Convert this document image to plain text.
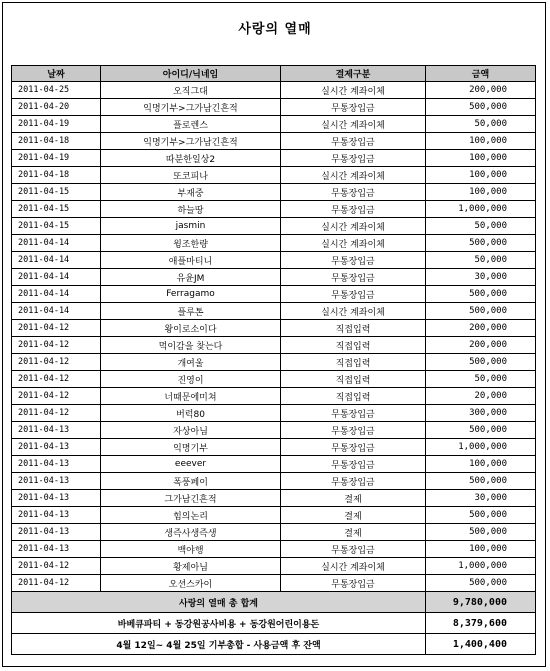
사랑의 열매
날짜	아이디/닉네임	결제구분	금액
2011-04-25	오직그대	실시간 계좌이체	200,000
2011-04-20	익명기부>그가남긴흔적	무통장입금	500,000
2011-04-19	플로렌스	실시간 계좌이체	50,000
2011-04-18	익명기부>그가남긴흔적	무통장입금	100,000
2011-04-19	따분한일상2	무통장입금	100,000
2011-04-18	또코피나	실시간 계좌이체	100,000
2011-04-15	부재중	무통장입금	100,000
2011-04-15	하늘땅	무통장입금	1,000,000
2011-04-15	jasmin	실시간 계좌이체	50,000
2011-04-14	윙조한량	실시간 계좌이체	500,000
2011-04-14	애플마티니	무통장입금	50,000
2011-04-14	유윤JM	무통장입금	30,000
2011-04-14	Ferragamo	무통장입금	500,000
2011-04-14	플루톤	실시간 계좌이체	500,000
2011-04-12	왕이로소이다	직접입력	200,000
2011-04-12	먹이감을 찾는다	직접입력	200,000
2011-04-12	개여울	직접입력	500,000
2011-04-12	진영이	직접입력	50,000
2011-04-12	너때문에미쳐	직접입력	20,000
2011-04-12	버럭80	무통장입금	300,000
2011-04-13	자상아님	무통장입금	500,000
2011-04-13	익명기부	무통장입금	1,000,000
2011-04-13	eeever	무통장입금	100,000
2011-04-13	폭풍페이	무통장입금	500,000
2011-04-13	그가남긴흔적	결제	30,000
2011-04-13	힘의논리	결제	500,000
2011-04-13	생즉사생즉생	결제	500,000
2011-04-13	백야행	무통장입금	100,000
2011-04-12	황제아님	실시간 계좌이체	1,000,000
2011-04-12	오션스카이	무통장입금	500,000
사랑의 열매 총 합계			9,780,000
바베큐파티 + 동강원공사비용 + 동강원어린이용돈			8,379,600
4월 12일~ 4월 25일 기부총합 - 사용금액 후 잔액			1,400,400
